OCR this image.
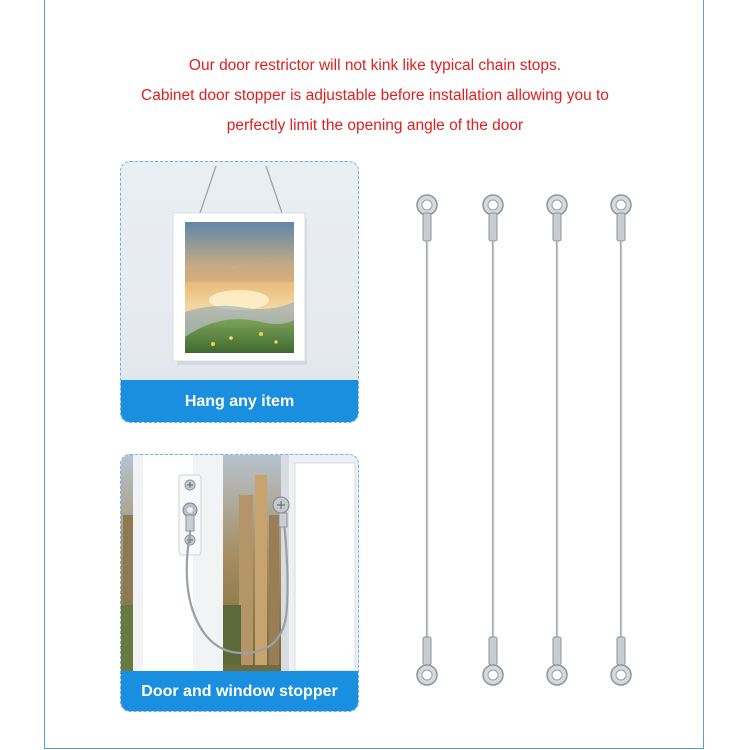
Our door restrictor will not kink like typical chain stops.
Cabinet door stopper is adjustable before installation allowing you to
perfectly limit the opening angle of the door
Hang any item
Door and window stopper
